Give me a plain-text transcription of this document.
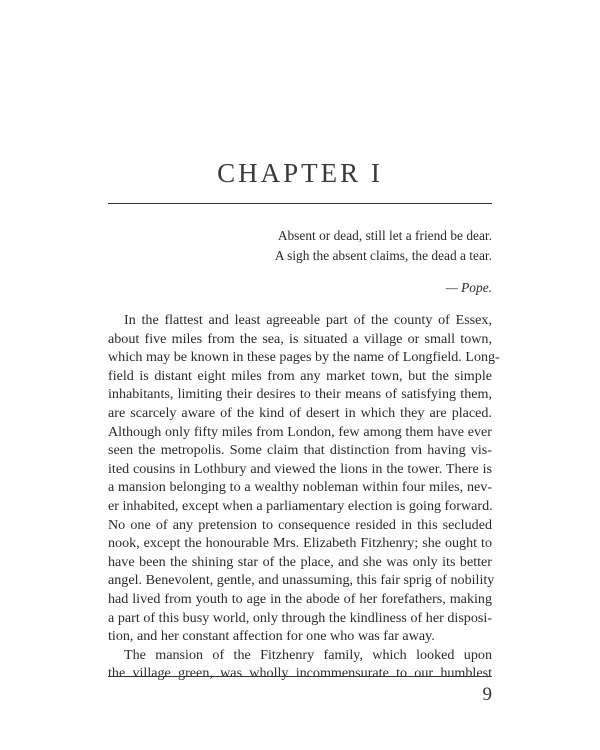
CHAPTER I
Absent or dead, still let a friend be dear.
A sigh the absent claims, the dead a tear.
— Pope.
In the flattest and least agreeable part of the county of Essex,
about five miles from the sea, is situated a village or small town,
which may be known in these pages by the name of Longfield. Long-
field is distant eight miles from any market town, but the simple
inhabitants, limiting their desires to their means of satisfying them,
are scarcely aware of the kind of desert in which they are placed.
Although only fifty miles from London, few among them have ever
seen the metropolis. Some claim that distinction from having vis-
ited cousins in Lothbury and viewed the lions in the tower. There is
a mansion belonging to a wealthy nobleman within four miles, nev-
er inhabited, except when a parliamentary election is going forward.
No one of any pretension to consequence resided in this secluded
nook, except the honourable Mrs. Elizabeth Fitzhenry; she ought to
have been the shining star of the place, and she was only its better
angel. Benevolent, gentle, and unassuming, this fair sprig of nobility
had lived from youth to age in the abode of her forefathers, making
a part of this busy world, only through the kindliness of her disposi-
tion, and her constant affection for one who was far away.
The mansion of the Fitzhenry family, which looked upon
the village green, was wholly incommensurate to our humblest
9
